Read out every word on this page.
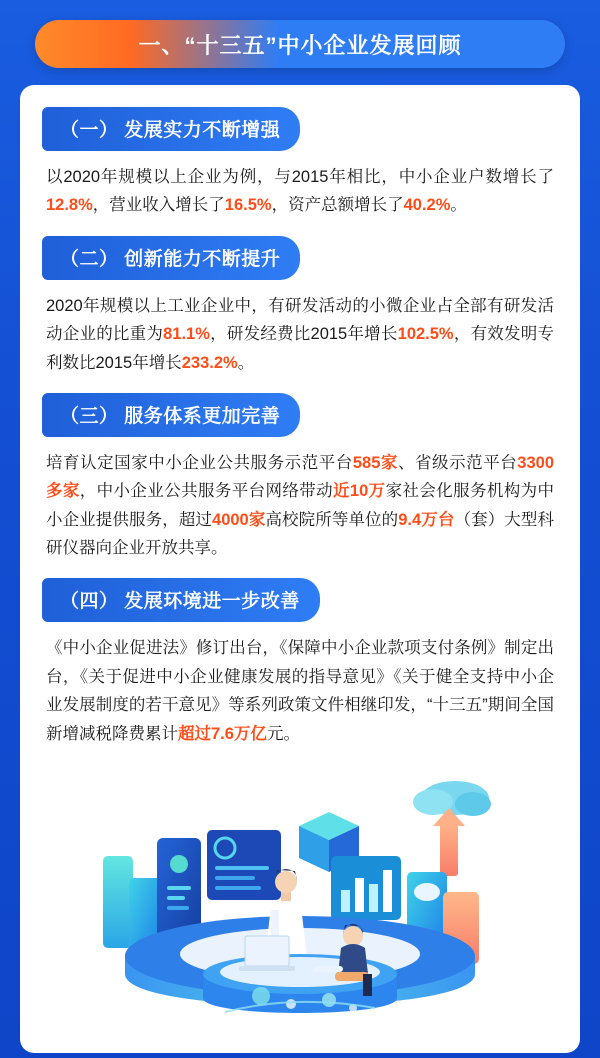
一、“十三五”中小企业发展回顾
（一） 发展实力不断增强
以2020年规模以上企业为例，与2015年相比，中小企业户数增长了12.8%，营业收入增长了16.5%，资产总额增长了40.2%。
（二） 创新能力不断提升
2020年规模以上工业企业中，有研发活动的小微企业占全部有研发活动企业的比重为81.1%，研发经费比2015年增长102.5%，有效发明专利数比2015年增长233.2%。
（三） 服务体系更加完善
培育认定国家中小企业公共服务示范平台585家、省级示范平台3300多家，中小企业公共服务平台网络带动近10万家社会化服务机构为中小企业提供服务，超过4000家高校院所等单位的9.4万台（套）大型科研仪器向企业开放共享。
（四） 发展环境进一步改善
《中小企业促进法》修订出台，《保障中小企业款项支付条例》制定出台，《关于促进中小企业健康发展的指导意见》《关于健全支持中小企业发展制度的若干意见》等系列政策文件相继印发，“十三五”期间全国新增减税降费累计超过7.6万亿元。
